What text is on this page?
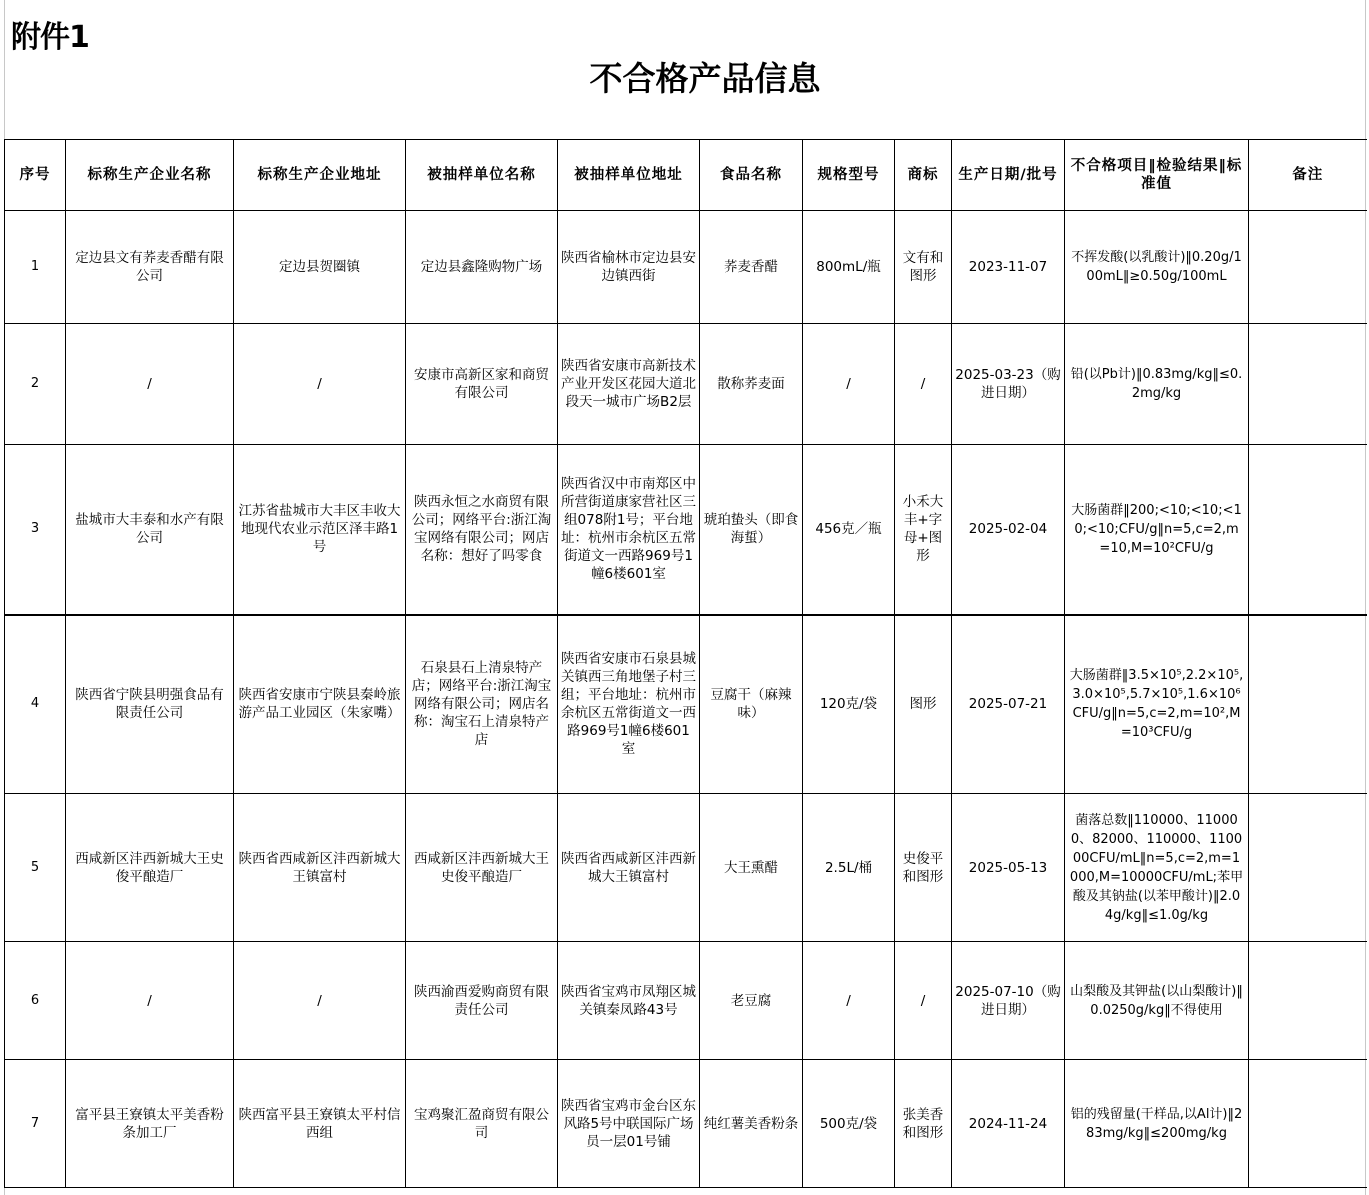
附件1
不合格产品信息
序号	标称生产企业名称	标称生产企业地址	被抽样单位名称	被抽样单位地址	食品名称	规格型号	商标	生产日期/批号	不合格项目‖检验结果‖标准值	备注
1	定边县文有荞麦香醋有限公司	定边县贺圈镇	定边县鑫隆购物广场	陕西省榆林市定边县安边镇西街	荞麦香醋	800mL/瓶	文有和图形	2023-11-07	不挥发酸(以乳酸计)‖0.20g/100mL‖≥0.50g/100mL	
2	/	/	安康市高新区家和商贸有限公司	陕西省安康市高新技术产业开发区花园大道北段天一城市广场B2层	散称荞麦面	/	/	2025-03-23（购进日期）	铅(以Pb计)‖0.83mg/kg‖≤0.2mg/kg	
3	盐城市大丰泰和水产有限公司	江苏省盐城市大丰区丰收大地现代农业示范区泽丰路1号	陕西永恒之水商贸有限公司；网络平台:浙江淘宝网络有限公司；网店名称：想好了吗零食	陕西省汉中市南郑区中所营街道康家营社区三组078附1号；平台地址：杭州市余杭区五常街道文一西路969号1幢6楼601室	琥珀蛰头（即食海蜇）	456克／瓶	小禾大丰+字母+图形	2025-02-04	大肠菌群‖200;<10;<10;<10;<10;CFU/g‖n=5,c=2,m=10,M=10²CFU/g	
4	陕西省宁陕县明强食品有限责任公司	陕西省安康市宁陕县秦岭旅游产品工业园区（朱家嘴）	石泉县石上清泉特产店；网络平台:浙江淘宝网络有限公司；网店名称：淘宝石上清泉特产店	陕西省安康市石泉县城关镇西三角地堡子村三组；平台地址：杭州市余杭区五常街道文一西路969号1幢6楼601室	豆腐干（麻辣味）	120克/袋	图形	2025-07-21	大肠菌群‖3.5×10⁵,2.2×10⁵,3.0×10⁵,5.7×10⁵,1.6×10⁶CFU/g‖n=5,c=2,m=10²,M=10³CFU/g	
5	西咸新区沣西新城大王史俊平酿造厂	陕西省西咸新区沣西新城大王镇富村	西咸新区沣西新城大王史俊平酿造厂	陕西省西咸新区沣西新城大王镇富村	大王熏醋	2.5L/桶	史俊平和图形	2025-05-13	菌落总数‖110000、110000、82000、110000、110000CFU/mL‖n=5,c=2,m=1000,M=10000CFU/mL;苯甲酸及其钠盐(以苯甲酸计)‖2.04g/kg‖≤1.0g/kg	
6	/	/	陕西渝酉爱购商贸有限责任公司	陕西省宝鸡市凤翔区城关镇秦凤路43号	老豆腐	/	/	2025-07-10（购进日期）	山梨酸及其钾盐(以山梨酸计)‖0.0250g/kg‖不得使用	
7	富平县王寮镇太平美香粉条加工厂	陕西富平县王寮镇太平村信西组	宝鸡聚汇盈商贸有限公司	陕西省宝鸡市金台区东风路5号中联国际广场员一层01号铺	纯红薯美香粉条	500克/袋	张美香和图形	2024-11-24	铝的残留量(干样品,以Al计)‖283mg/kg‖≤200mg/kg	
